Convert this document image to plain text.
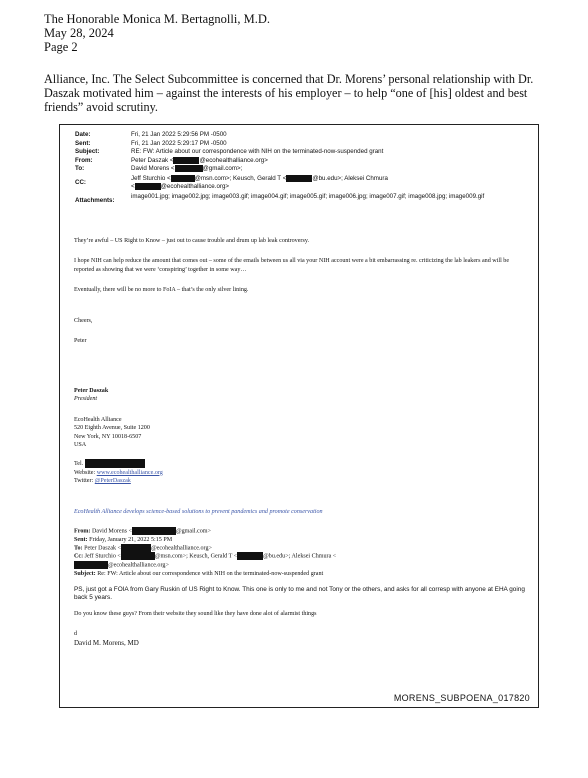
The Honorable Monica M. Bertagnolli, M.D.
May 28, 2024
Page 2
Alliance, Inc. The Select Subcommittee is concerned that Dr. Morens’ personal relationship with Dr. Daszak motivated him – against the interests of his employer – to help “one of [his] oldest and best friends” avoid scrutiny.
Date:	Fri, 21 Jan 2022 5:29:56 PM -0500
Sent:	Fri, 21 Jan 2022 5:29:17 PM -0500
Subject:	RE: FW: Article about our correspondence with NIH on the terminated-now-suspended grant
From:	Peter Daszak <	@ecohealthalliance.org>
To:	David Morens <	@gmail.com>;
CC:
Jeff Sturchio <	@msn.com>; Keusch, Gerald T <	@bu.edu>; Aleksei Chmura
<	@ecohealthalliance.org>
Attachments:
image001.jpg; image002.jpg; image003.gif; image004.gif; image005.gif; image006.jpg; image007.gif; image008.jpg; image009.gif
They’re awful – US Right to Know – just out to cause trouble and drum up lab leak controversy.
I hope NIH can help reduce the amount that comes out – some of the emails between us all via your NIH account were a bit embarrassing re. criticizing the lab leakers and will be reported as showing that we were ‘conspiring’ together in some way…
Eventually, there will be no more to FoIA – that’s the only silver lining.
Cheers,
Peter
Peter Daszak
President
EcoHealth Alliance
520 Eighth Avenue, Suite 1200
New York, NY 10018-6507
USA
Tel.
Website: www.ecohealthalliance.org
Twitter: @PeterDaszak
EcoHealth Alliance develops science-based solutions to prevent pandemics and promote conservation
From: David Morens <	@gmail.com>
Sent: Friday, January 21, 2022 5:15 PM
To: Peter Daszak <	@ecohealthalliance.org>
Cc: Jeff Sturchio <	@msn.com>; Keusch, Gerald T <	@bu.edu>; Aleksei Chmura <
@ecohealthalliance.org>
Subject: Re: FW: Article about our correspondence with NIH on the terminated-now-suspended grant
PS, just got a FOIA from Gary Ruskin of US Right to Know. This one is only to me and not Tony or the others, and asks for all corresp with anyone at EHA going back 5 years.
Do you know these guys? From their website they sound like they have done alot of alarmist things
d
David M. Morens, MD
MORENS_SUBPOENA_017820
